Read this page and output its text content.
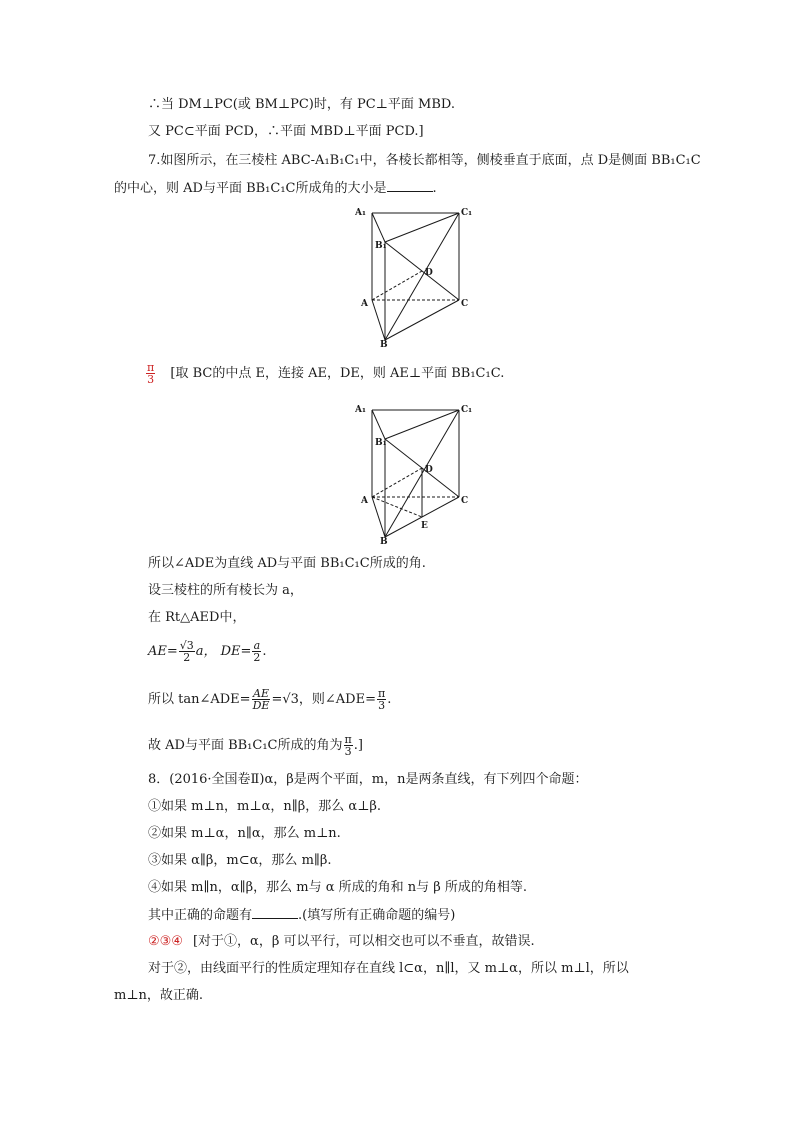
∴当 DM⊥PC(或 BM⊥PC)时，有 PC⊥平面 MBD.
又 PC⊂平面 PCD，∴平面 MBD⊥平面 PCD.]
7.如图所示，在三棱柱 ABC-A₁B₁C₁中，各棱长都相等，侧棱垂直于底面，点 D是侧面 BB₁C₁C
的中心，则 AD与平面 BB₁C₁C所成角的大小是	.
A₁	C₁
B₁
D
A	C
B
$\frac{\pi}{3}$ [取 BC的中点 E，连接 AE，DE，则 AE⊥平面 BB₁C₁C.
A₁	C₁
B₁
D
A	C
B
E
所以∠ADE为直线 AD与平面 BB₁C₁C所成的角.
设三棱柱的所有棱长为 a，
在 Rt△AED中，
$AE= \frac{√3}{2}$ a， $DE= \frac{a}{2}$ .
所以 tan∠ADE= $\frac{AE}{DE} =√3$，则∠ADE= $\frac{\pi}{3}$ .
故 AD与平面 BB₁C₁C所成的角为 $\frac{\pi}{3}$ .]
8．(2016·全国卷Ⅱ)α，β是两个平面，m，n是两条直线，有下列四个命题：
①如果 m⊥n，m⊥α，n∥β，那么 α⊥β.
②如果 m⊥α，n∥α，那么 m⊥n.
③如果 α∥β，m⊂α，那么 m∥β.
④如果 m∥n，α∥β，那么 m与 α 所成的角和 n与 β 所成的角相等.
其中正确的命题有	.(填写所有正确命题的编号)
②③④ [对于①，α，β 可以平行，可以相交也可以不垂直，故错误.
对于②，由线面平行的性质定理知存在直线 l⊂α，n∥l，又 m⊥α，所以 m⊥l，所以
m⊥n，故正确.
